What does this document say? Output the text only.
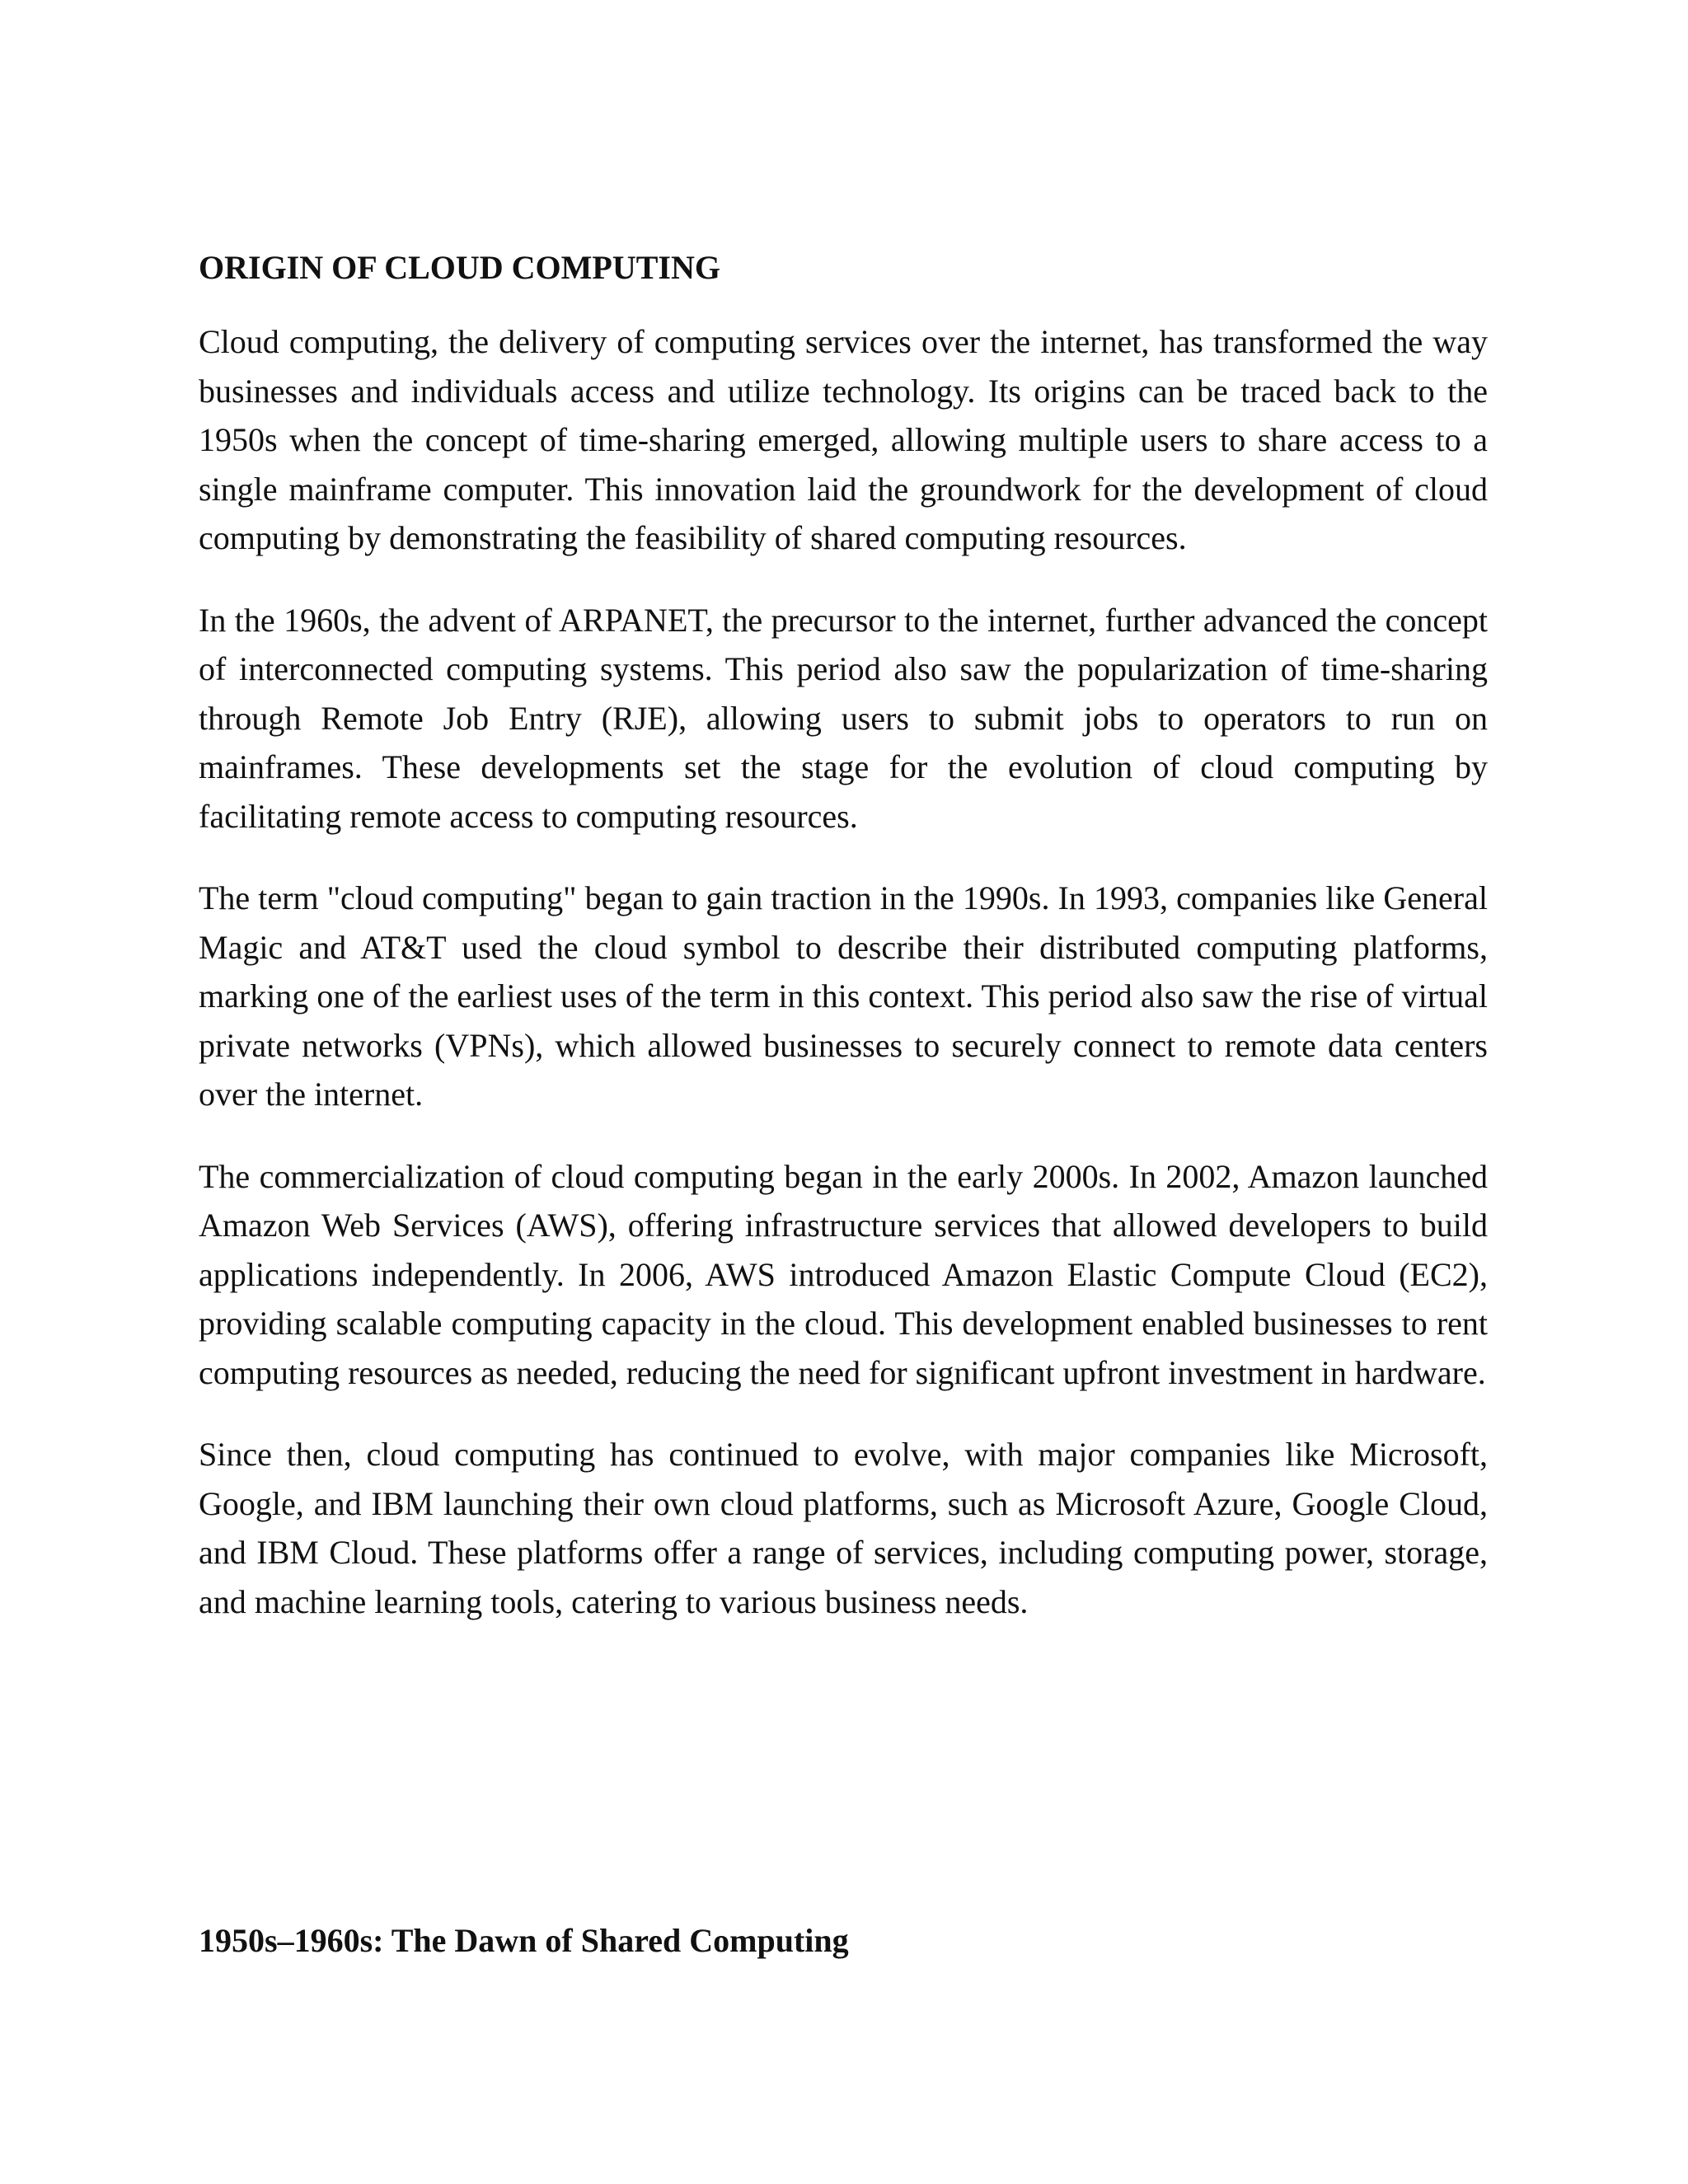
ORIGIN OF CLOUD COMPUTING

Cloud computing, the delivery of computing services over the internet, has transformed the way businesses and individuals access and utilize technology. Its origins can be traced back to the 1950s when the concept of time-sharing emerged, allowing multiple users to share access to a single mainframe computer. This innovation laid the groundwork for the development of cloud computing by demonstrating the feasibility of shared computing resources.

In the 1960s, the advent of ARPANET, the precursor to the internet, further advanced the concept of interconnected computing systems. This period also saw the popularization of time-sharing through Remote Job Entry (RJE), allowing users to submit jobs to operators to run on mainframes. These developments set the stage for the evolution of cloud computing by facilitating remote access to computing resources.

The term "cloud computing" began to gain traction in the 1990s. In 1993, companies like General Magic and AT&T used the cloud symbol to describe their distributed computing platforms, marking one of the earliest uses of the term in this context. This period also saw the rise of virtual private networks (VPNs), which allowed businesses to securely connect to remote data centers over the internet.

The commercialization of cloud computing began in the early 2000s. In 2002, Amazon launched Amazon Web Services (AWS), offering infrastructure services that allowed developers to build applications independently. In 2006, AWS introduced Amazon Elastic Compute Cloud (EC2), providing scalable computing capacity in the cloud. This development enabled businesses to rent computing resources as needed, reducing the need for significant upfront investment in hardware.

Since then, cloud computing has continued to evolve, with major companies like Microsoft, Google, and IBM launching their own cloud platforms, such as Microsoft Azure, Google Cloud, and IBM Cloud. These platforms offer a range of services, including computing power, storage, and machine learning tools, catering to various business needs.

1950s–1960s: The Dawn of Shared Computing
